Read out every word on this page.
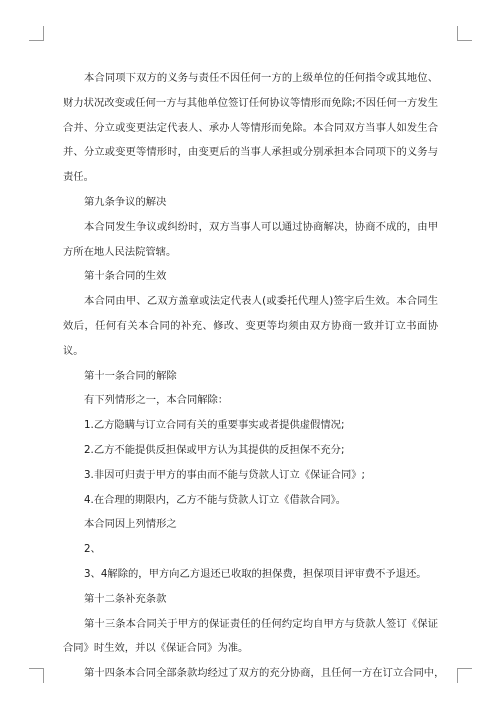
本合同项下双方的义务与责任不因任何一方的上级单位的任何指令或其地位、财力状况改变或任何一方与其他单位签订任何协议等情形而免除;不因任何一方发生合并、分立或变更法定代表人、承办人等情形而免除。本合同双方当事人如发生合并、分立或变更等情形时，由变更后的当事人承担或分别承担本合同项下的义务与责任。

第九条争议的解决

本合同发生争议或纠纷时，双方当事人可以通过协商解决，协商不成的，由甲方所在地人民法院管辖。

第十条合同的生效

本合同由甲、乙双方盖章或法定代表人(或委托代理人)签字后生效。本合同生效后，任何有关本合同的补充、修改、变更等均须由双方协商一致并订立书面协议。

第十一条合同的解除

有下列情形之一，本合同解除：

1.乙方隐瞒与订立合同有关的重要事实或者提供虚假情况;

2.乙方不能提供反担保或甲方认为其提供的反担保不充分;

3.非因可归责于甲方的事由而不能与贷款人订立《保证合同》;

4.在合理的期限内，乙方不能与贷款人订立《借款合同》。

本合同因上列情形之

2、

3、4解除的，甲方向乙方退还已收取的担保费，担保项目评审费不予退还。

第十二条补充条款

第十三条本合同关于甲方的保证责任的任何约定均自甲方与贷款人签订《保证合同》时生效，并以《保证合同》为准。

第十四条本合同全部条款均经过了双方的充分协商，且任何一方在订立合同中，
